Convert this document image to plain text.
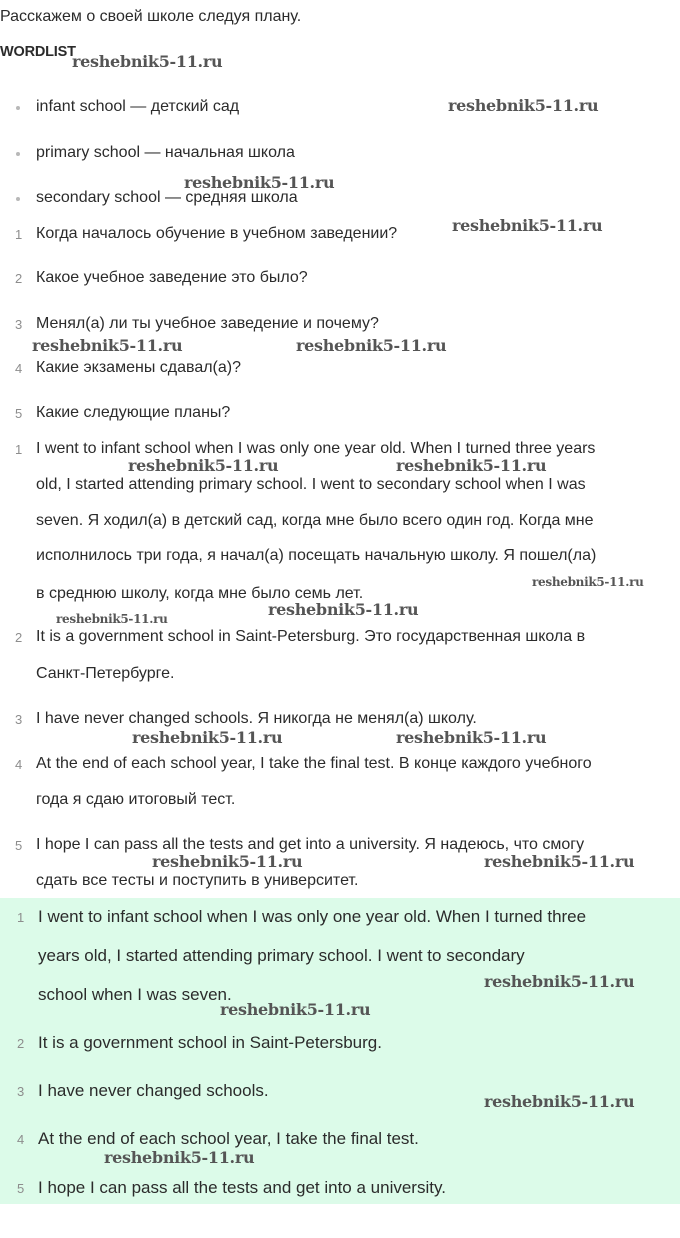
Расскажем о своей школе следуя плану.
WORDLIST
infant school — детский сад
primary school — начальная школа
secondary school — средняя школа
1 Когда началось обучение в учебном заведении?
2 Какое учебное заведение это было?
3 Менял(а) ли ты учебное заведение и почему?
4 Какие экзамены сдавал(а)?
5 Какие следующие планы?
1 I went to infant school when I was only one year old. When I turned three years
old, I started attending primary school. I went to secondary school when I was
seven. Я ходил(а) в детский сад, когда мне было всего один год. Когда мне
исполнилось три года, я начал(а) посещать начальную школу. Я пошел(ла)
в среднюю школу, когда мне было семь лет.
2 It is a government school in Saint-Petersburg. Это государственная школа в
Санкт-Петербурге.
3 I have never changed schools. Я никогда не менял(а) школу.
4 At the end of each school year, I take the final test. В конце каждого учебного
года я сдаю итоговый тест.
5 I hope I can pass all the tests and get into a university. Я надеюсь, что смогу
сдать все тесты и поступить в университет.
1 I went to infant school when I was only one year old. When I turned three
years old, I started attending primary school. I went to secondary
school when I was seven.
2 It is a government school in Saint-Petersburg.
3 I have never changed schools.
4 At the end of each school year, I take the final test.
5 I hope I can pass all the tests and get into a university.
reshebnik5-11.ru
reshebnik5-11.ru
reshebnik5-11.ru
reshebnik5-11.ru
reshebnik5-11.ru	reshebnik5-11.ru
reshebnik5-11.ru	reshebnik5-11.ru
reshebnik5-11.ru
reshebnik5-11.ru	reshebnik5-11.ru
reshebnik5-11.ru	reshebnik5-11.ru
reshebnik5-11.ru	reshebnik5-11.ru
reshebnik5-11.ru
reshebnik5-11.ru
reshebnik5-11.ru
reshebnik5-11.ru
